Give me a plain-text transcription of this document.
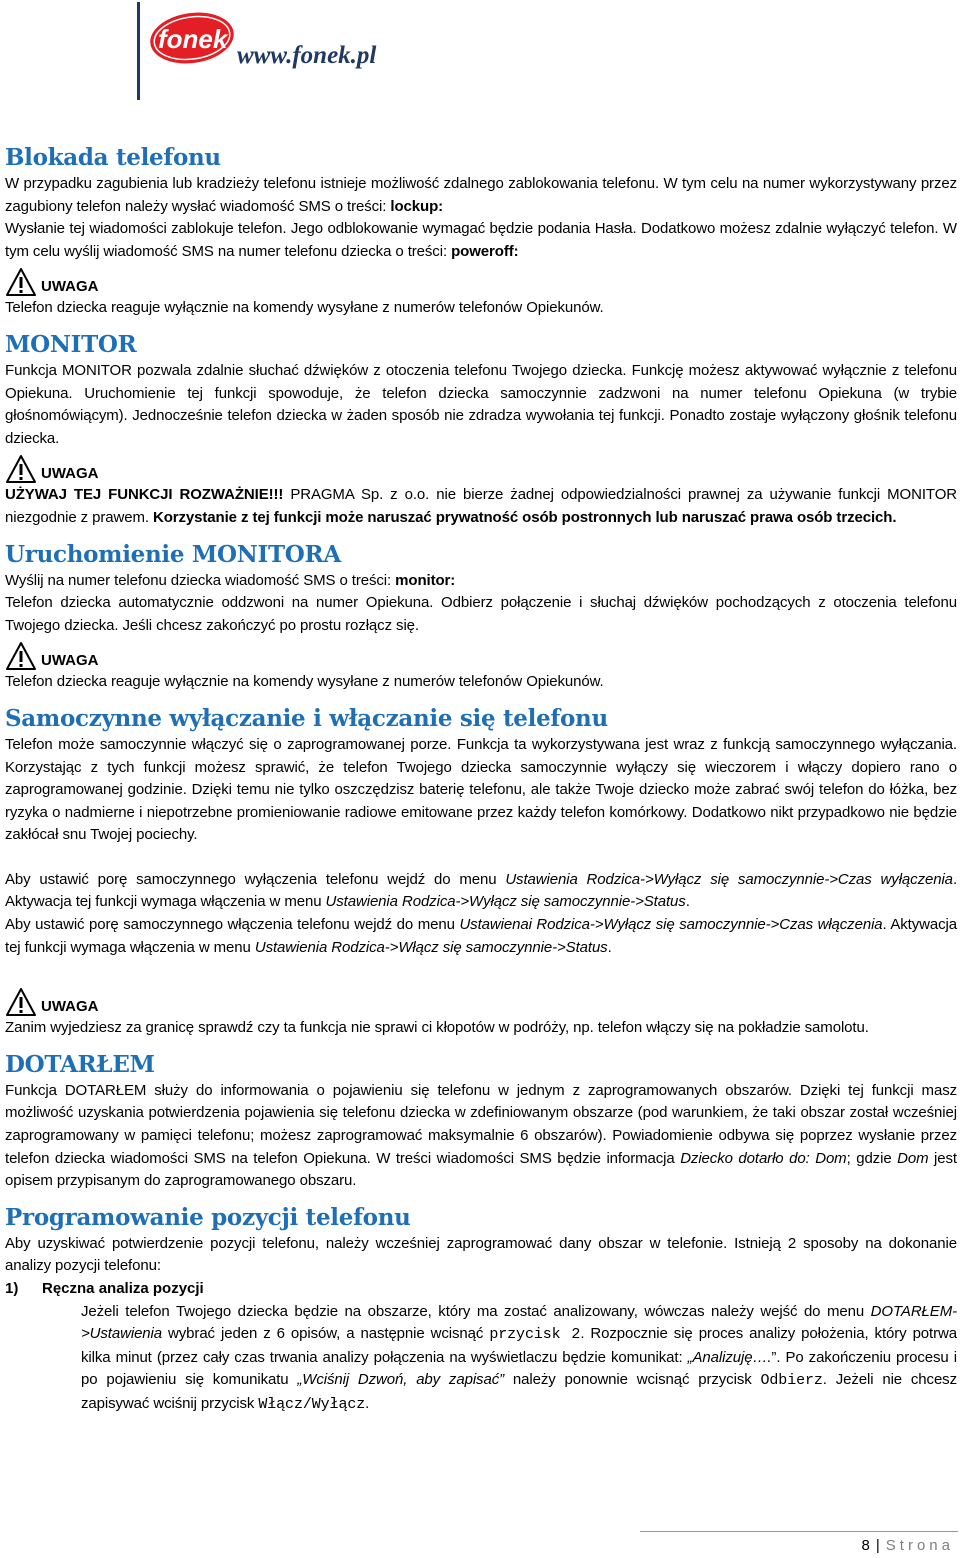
fonek
www.fonek.pl
Blokada telefonu

W przypadku zagubienia lub kradzieży telefonu istnieje możliwość zdalnego zablokowania telefonu. W tym celu na numer wykorzystywany przez zagubiony telefon należy wysłać wiadomość SMS o treści: lockup:

Wysłanie tej wiadomości zablokuje telefon. Jego odblokowanie wymagać będzie podania Hasła. Dodatkowo możesz zdalnie wyłączyć telefon. W tym celu wyślij wiadomość SMS na numer telefonu dziecka o treści: poweroff:

UWAGA

Telefon dziecka reaguje wyłącznie na komendy wysyłane z numerów telefonów Opiekunów.

MONITOR

Funkcja MONITOR pozwala zdalnie słuchać dźwięków z otoczenia telefonu Twojego dziecka. Funkcję możesz aktywować wyłącznie z telefonu Opiekuna. Uruchomienie tej funkcji spowoduje, że telefon dziecka samoczynnie zadzwoni na numer telefonu Opiekuna (w trybie głośnomówiącym). Jednocześnie telefon dziecka w żaden sposób nie zdradza wywołania tej funkcji. Ponadto zostaje wyłączony głośnik telefonu dziecka.

UWAGA

UŻYWAJ TEJ FUNKCJI ROZWAŻNIE!!! PRAGMA Sp. z o.o. nie bierze żadnej odpowiedzialności prawnej za używanie funkcji MONITOR niezgodnie z prawem. Korzystanie z tej funkcji może naruszać prywatność osób postronnych lub naruszać prawa osób trzecich.

Uruchomienie MONITORA

Wyślij na numer telefonu dziecka wiadomość SMS o treści: monitor:

Telefon dziecka automatycznie oddzwoni na numer Opiekuna. Odbierz połączenie i słuchaj dźwięków pochodzących z otoczenia telefonu Twojego dziecka. Jeśli chcesz zakończyć po prostu rozłącz się.

UWAGA

Telefon dziecka reaguje wyłącznie na komendy wysyłane z numerów telefonów Opiekunów.

Samoczynne wyłączanie i włączanie się telefonu

Telefon może samoczynnie włączyć się o zaprogramowanej porze. Funkcja ta wykorzystywana jest wraz z funkcją samoczynnego wyłączania. Korzystając z tych funkcji możesz sprawić, że telefon Twojego dziecka samoczynnie wyłączy się wieczorem i włączy dopiero rano o zaprogramowanej godzinie. Dzięki temu nie tylko oszczędzisz baterię telefonu, ale także Twoje dziecko może zabrać swój telefon do łóżka, bez ryzyka o nadmierne i niepotrzebne promieniowanie radiowe emitowane przez każdy telefon komórkowy. Dodatkowo nikt przypadkowo nie będzie zakłócał snu Twojej pociechy.

Aby ustawić porę samoczynnego wyłączenia telefonu wejdź do menu Ustawienia Rodzica->Wyłącz się samoczynnie->Czas wyłączenia. Aktywacja tej funkcji wymaga włączenia w menu Ustawienia Rodzica->Wyłącz się samoczynnie->Status.

Aby ustawić porę samoczynnego włączenia telefonu wejdź do menu Ustawienai Rodzica->Wyłącz się samoczynnie->Czas włączenia. Aktywacja tej funkcji wymaga włączenia w menu Ustawienia Rodzica->Włącz się samoczynnie->Status.

UWAGA

Zanim wyjedziesz za granicę sprawdź czy ta funkcja nie sprawi ci kłopotów w podróży, np. telefon włączy się na pokładzie samolotu.

DOTARŁEM

Funkcja DOTARŁEM służy do informowania o pojawieniu się telefonu w jednym z zaprogramowanych obszarów. Dzięki tej funkcji masz możliwość uzyskania potwierdzenia pojawienia się telefonu dziecka w zdefiniowanym obszarze (pod warunkiem, że taki obszar został wcześniej zaprogramowany w pamięci telefonu; możesz zaprogramować maksymalnie 6 obszarów). Powiadomienie odbywa się poprzez wysłanie przez telefon dziecka wiadomości SMS na telefon Opiekuna. W treści wiadomości SMS będzie informacja Dziecko dotarło do: Dom; gdzie Dom jest opisem przypisanym do zaprogramowanego obszaru.

Programowanie pozycji telefonu

Aby uzyskiwać potwierdzenie pozycji telefonu, należy wcześniej zaprogramować dany obszar w telefonie. Istnieją 2 sposoby na dokonanie analizy pozycji telefonu:

1) Ręczna analiza pozycji

Jeżeli telefon Twojego dziecka będzie na obszarze, który ma zostać analizowany, wówczas należy wejść do menu DOTARŁEM->Ustawienia wybrać jeden z 6 opisów, a następnie wcisnąć przycisk 2. Rozpocznie się proces analizy położenia, który potrwa kilka minut (przez cały czas trwania analizy połączenia na wyświetlaczu będzie komunikat: „Analizuję….”. Po zakończeniu procesu i po pojawieniu się komunikatu „Wciśnij Dzwoń, aby zapisać” należy ponownie wcisnąć przycisk Odbierz. Jeżeli nie chcesz zapisywać wciśnij przycisk Włącz/Wyłącz.

8 | Strona
